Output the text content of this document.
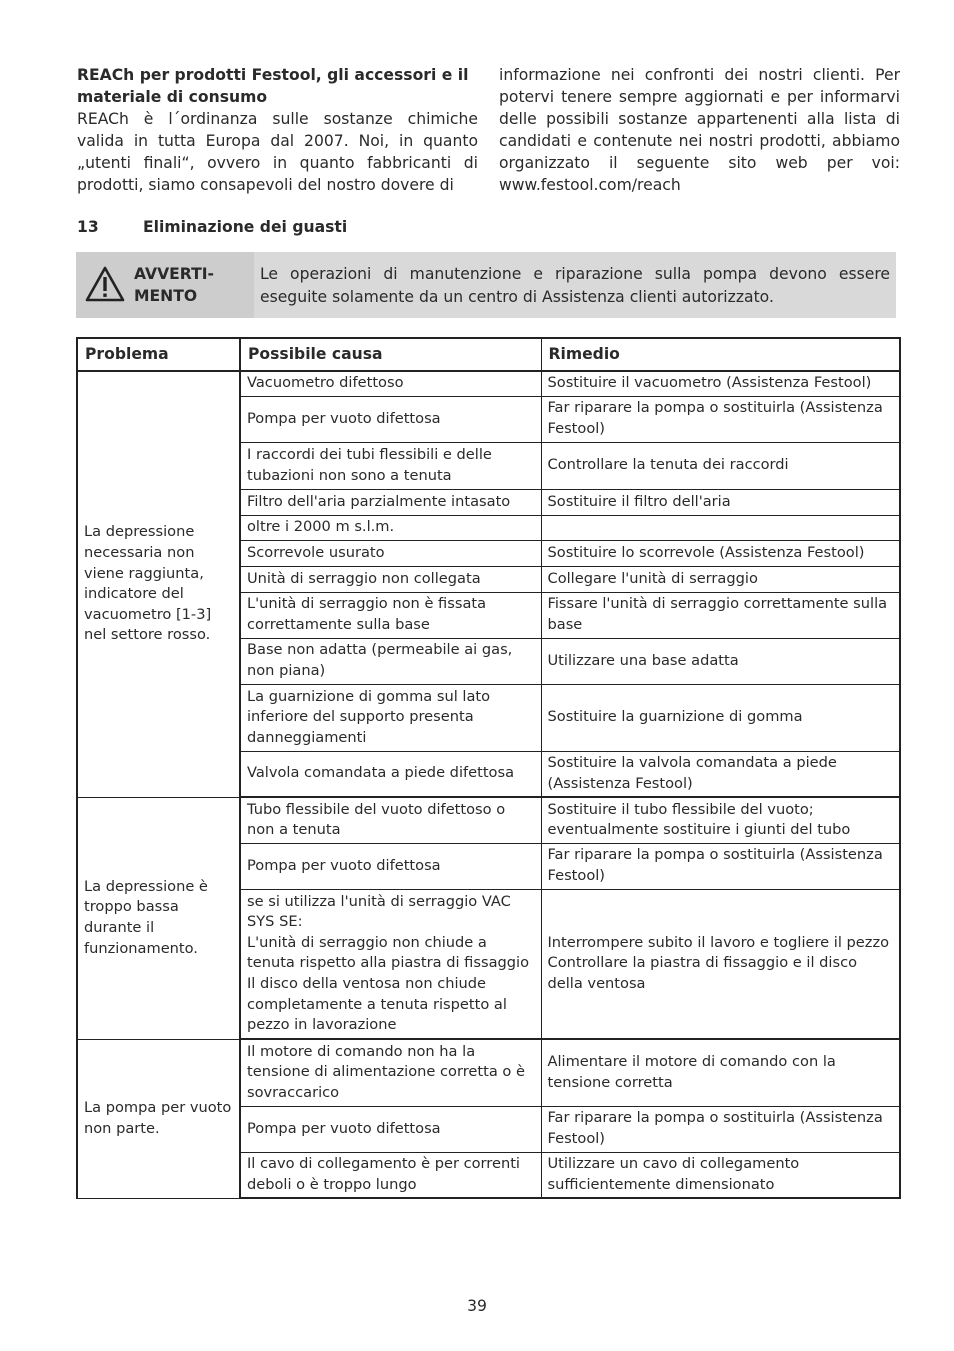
REACh per prodotti Festool, gli accessori e il materiale di consumo
REACh è l´ordinanza sulle sostanze chimiche valida in tutta Europa dal 2007. Noi, in quanto „utenti finali“, ovvero in quanto fabbricanti di prodotti, siamo consapevoli del nostro dovere di
informazione nei confronti dei nostri clienti. Per potervi tenere sempre aggiornati e per informarvi delle possibili sostanze appartenenti alla lista di candidati e contenute nei nostri prodotti, abbiamo organizzato il seguente sito web per voi: www.festool.com/reach
13	Eliminazione dei guasti
AVVERTI-
MENTO
Le operazioni di manutenzione e riparazione sulla pompa devono essere eseguite solamente da un centro di Assistenza clienti autorizzato.
Problema	Possibile causa	Rimedio
La depressione necessaria non viene raggiunta, indicatore del vacuometro [1-3] nel settore rosso.	Vacuometro difettoso	Sostituire il vacuometro (Assistenza Festool)
	Pompa per vuoto difettosa	Far riparare la pompa o sostituirla (Assistenza Festool)
	I raccordi dei tubi flessibili e delle tubazioni non sono a tenuta	Controllare la tenuta dei raccordi
	Filtro dell'aria parzialmente intasato	Sostituire il filtro dell'aria
	oltre i 2000 m s.l.m.	
	Scorrevole usurato	Sostituire lo scorrevole (Assistenza Festool)
	Unità di serraggio non collegata	Collegare l'unità di serraggio
	L'unità di serraggio non è fissata correttamente sulla base	Fissare l'unità di serraggio correttamente sulla base
	Base non adatta (permeabile ai gas, non piana)	Utilizzare una base adatta
	La guarnizione di gomma sul lato inferiore del supporto presenta danneggiamenti	Sostituire la guarnizione di gomma
	Valvola comandata a piede difettosa	Sostituire la valvola comandata a piede (Assistenza Festool)
La depressione è troppo bassa durante il funzionamento.	Tubo flessibile del vuoto difettoso o non a tenuta	Sostituire il tubo flessibile del vuoto; eventualmente sostituire i giunti del tubo
	Pompa per vuoto difettosa	Far riparare la pompa o sostituirla (Assistenza Festool)
	se si utilizza l'unità di serraggio VAC SYS SE:
L'unità di serraggio non chiude a tenuta rispetto alla piastra di fissaggio
Il disco della ventosa non chiude completamente a tenuta rispetto al pezzo in lavorazione	Interrompere subito il lavoro e togliere il pezzo
Controllare la piastra di fissaggio e il disco della ventosa
La pompa per vuoto non parte.	Il motore di comando non ha la tensione di alimentazione corretta o è sovraccarico	Alimentare il motore di comando con la tensione corretta
	Pompa per vuoto difettosa	Far riparare la pompa o sostituirla (Assistenza Festool)
	Il cavo di collegamento è per correnti deboli o è troppo lungo	Utilizzare un cavo di collegamento sufficientemente dimensionato
39
